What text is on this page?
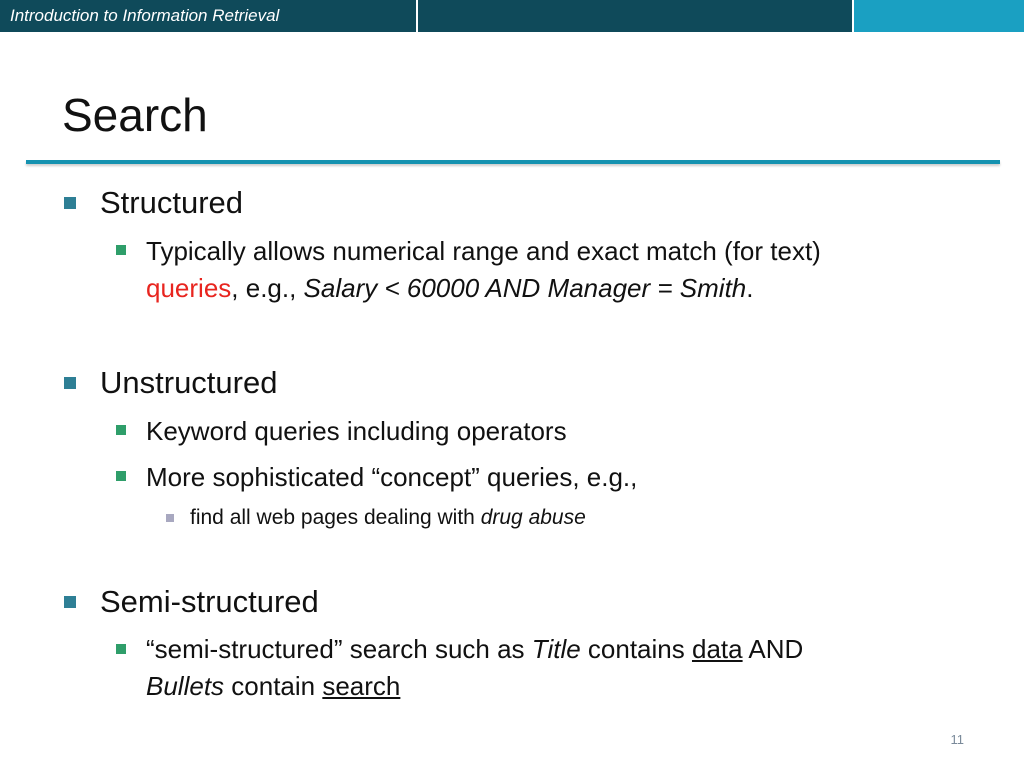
Introduction to Information Retrieval
Search
Structured
Typically allows numerical range and exact match (for text)
queries, e.g., Salary < 60000 AND Manager = Smith.
Unstructured
Keyword queries including operators
More sophisticated “concept” queries, e.g.,
find all web pages dealing with drug abuse
Semi-structured
“semi-structured” search such as Title contains data AND
Bullets contain search
11
